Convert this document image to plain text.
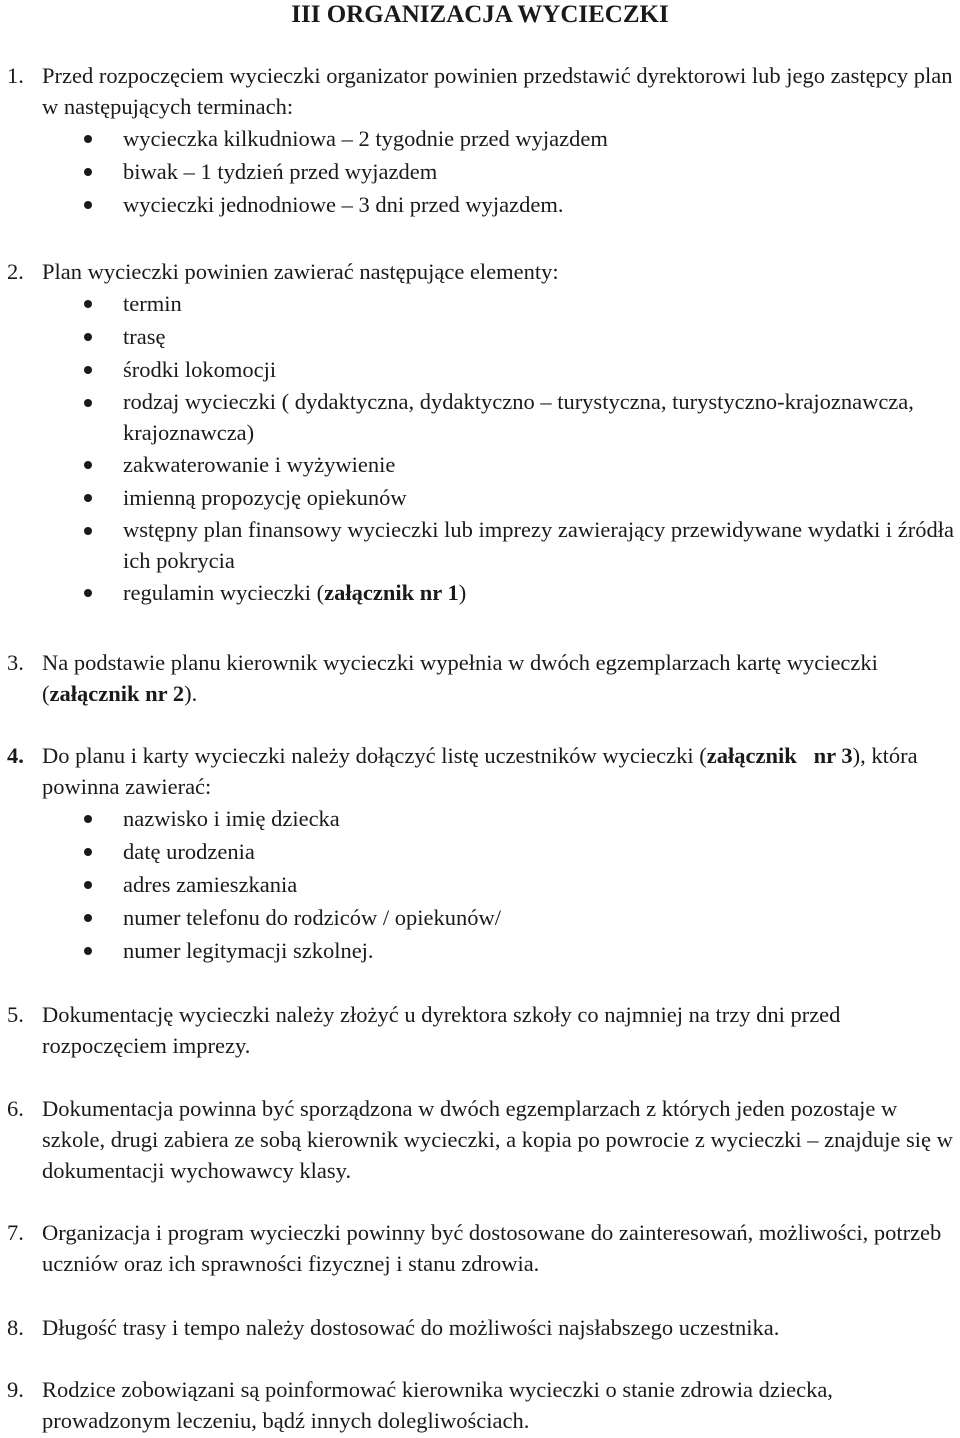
III ORGANIZACJA WYCIECZKI
1. Przed rozpoczęciem wycieczki organizator powinien przedstawić dyrektorowi lub jego zastępcy plan w następujących terminach:
wycieczka kilkudniowa – 2 tygodnie przed wyjazdem
biwak – 1 tydzień przed wyjazdem
wycieczki jednodniowe – 3 dni przed wyjazdem.
2. Plan wycieczki powinien zawierać następujące elementy:
termin
trasę
środki lokomocji
rodzaj wycieczki ( dydaktyczna, dydaktyczno – turystyczna, turystyczno-krajoznawcza, krajoznawcza)
zakwaterowanie i wyżywienie
imienną propozycję opiekunów
wstępny plan finansowy wycieczki lub imprezy zawierający przewidywane wydatki i źródła ich pokrycia
regulamin wycieczki (załącznik nr 1)
3. Na podstawie planu kierownik wycieczki wypełnia w dwóch egzemplarzach kartę wycieczki (załącznik nr 2).
4. Do planu i karty wycieczki należy dołączyć listę uczestników wycieczki (załącznik   nr 3), która powinna zawierać:
nazwisko i imię dziecka
datę urodzenia
adres zamieszkania
numer telefonu do rodziców / opiekunów/
numer legitymacji szkolnej.
5. Dokumentację wycieczki należy złożyć u dyrektora szkoły co najmniej na trzy dni przed rozpoczęciem imprezy.
6. Dokumentacja powinna być sporządzona w dwóch egzemplarzach z których jeden pozostaje w szkole, drugi zabiera ze sobą kierownik wycieczki, a kopia po powrocie z wycieczki – znajduje się w dokumentacji wychowawcy klasy.
7. Organizacja i program wycieczki powinny być dostosowane do zainteresowań, możliwości, potrzeb uczniów oraz ich sprawności fizycznej i stanu zdrowia.
8. Długość trasy i tempo należy dostosować do możliwości najsłabszego uczestnika.
9. Rodzice zobowiązani są poinformować kierownika wycieczki o stanie zdrowia dziecka, prowadzonym leczeniu, bądź innych dolegliwościach.
